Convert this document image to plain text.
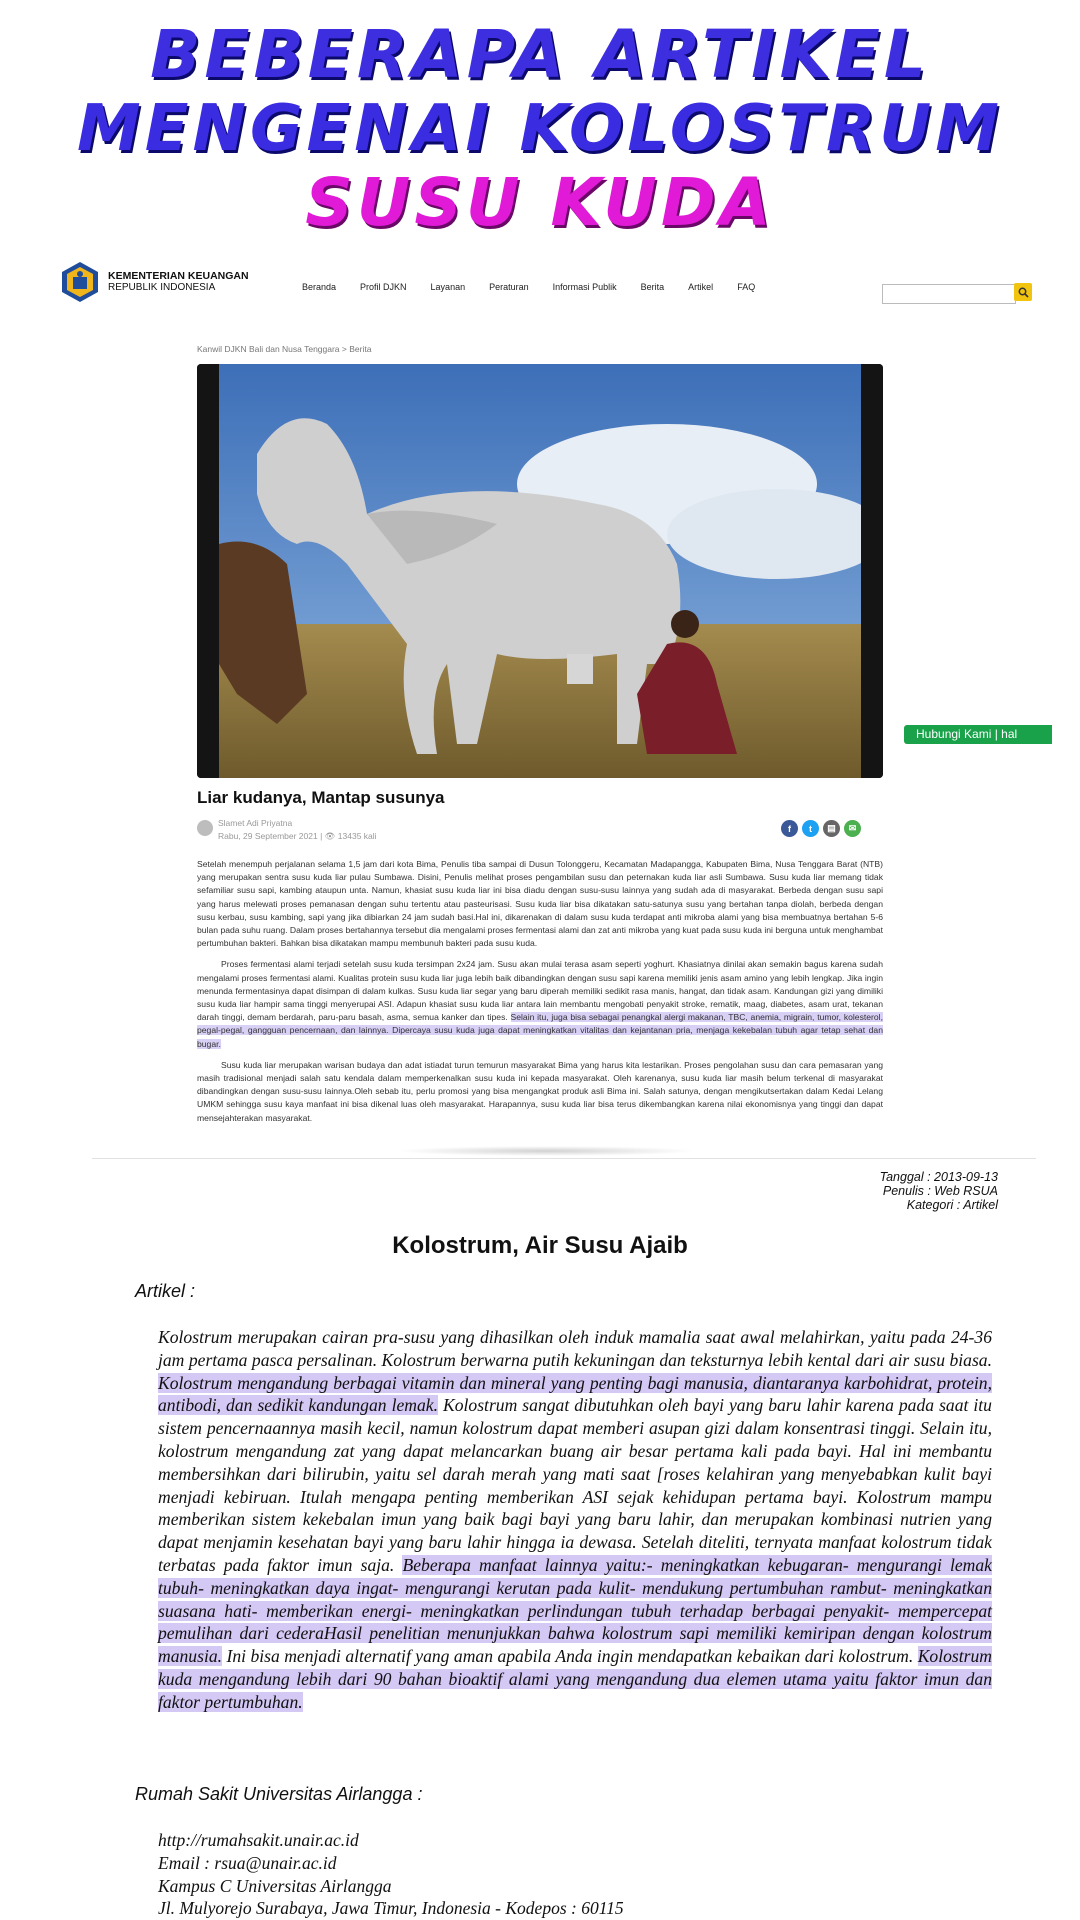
BEBERAPA ARTIKEL
MENGENAI KOLOSTRUM
SUSU KUDA
KEMENTERIAN KEUANGAN
REPUBLIK INDONESIA	Beranda	Profil DJKN	Layanan	Peraturan	Informasi Publik	Berita	Artikel	FAQ
Kanwil DJKN Bali dan Nusa Tenggara > Berita
Hubungi Kami | hal
Liar kudanya, Mantap susunya
Slamet Adi Priyatna
Rabu, 29 September 2021 | 👁 13435 kali
f	t	▤	✉

Setelah menempuh perjalanan selama 1,5 jam dari kota Bima, Penulis tiba sampai di Dusun Tolonggeru, Kecamatan Madapangga, Kabupaten Bima, Nusa Tenggara Barat (NTB) yang merupakan sentra susu kuda liar pulau Sumbawa. Disini, Penulis melihat proses pengambilan susu dan peternakan kuda liar asli Sumbawa. Susu kuda liar memang tidak sefamiliar susu sapi, kambing ataupun unta. Namun, khasiat susu kuda liar ini bisa diadu dengan susu-susu lainnya yang sudah ada di masyarakat. Berbeda dengan susu sapi yang harus melewati proses pemanasan dengan suhu tertentu atau pasteurisasi. Susu kuda liar bisa dikatakan satu-satunya susu yang bertahan tanpa diolah, berbeda dengan susu kerbau, susu kambing, sapi yang jika dibiarkan 24 jam sudah basi.Hal ini, dikarenakan di dalam susu kuda terdapat anti mikroba alami yang bisa membuatnya bertahan 5-6 bulan pada suhu ruang. Dalam proses bertahannya tersebut dia mengalami proses fermentasi alami dan zat anti mikroba yang kuat pada susu kuda ini berguna untuk menghambat pertumbuhan bakteri. Bahkan bisa dikatakan mampu membunuh bakteri pada susu kuda.

Proses fermentasi alami terjadi setelah susu kuda tersimpan 2x24 jam. Susu akan mulai terasa asam seperti yoghurt. Khasiatnya dinilai akan semakin bagus karena sudah mengalami proses fermentasi alami. Kualitas protein susu kuda liar juga lebih baik dibandingkan dengan susu sapi karena memiliki jenis asam amino yang lebih lengkap. Jika ingin menunda fermentasinya dapat disimpan di dalam kulkas. Susu kuda liar segar yang baru diperah memiliki sedikit rasa manis, hangat, dan tidak asam. Kandungan gizi yang dimiliki susu kuda liar hampir sama tinggi menyerupai ASI. Adapun khasiat susu kuda liar antara lain membantu mengobati penyakit stroke, rematik, maag, diabetes, asam urat, tekanan darah tinggi, demam berdarah, paru-paru basah, asma, semua kanker dan tipes. Selain itu, juga bisa sebagai penangkal alergi makanan, TBC, anemia, migrain, tumor, kolesterol, pegal-pegal, gangguan pencernaan, dan lainnya. Dipercaya susu kuda juga dapat meningkatkan vitalitas dan kejantanan pria, menjaga kekebalan tubuh agar tetap sehat dan bugar.

Susu kuda liar merupakan warisan budaya dan adat istiadat turun temurun masyarakat Bima yang harus kita lestarikan. Proses pengolahan susu dan cara pemasaran yang masih tradisional menjadi salah satu kendala dalam memperkenalkan susu kuda ini kepada masyarakat. Oleh karenanya, susu kuda liar masih belum terkenal di masyarakat dibandingkan dengan susu-susu lainnya.Oleh sebab itu, perlu promosi yang bisa mengangkat produk asli Bima ini. Salah satunya, dengan mengikutsertakan dalam Kedai Lelang UMKM sehingga susu kaya manfaat ini bisa dikenal luas oleh masyarakat. Harapannya, susu kuda liar bisa terus dikembangkan karena nilai ekonomisnya yang tinggi dan dapat mensejahterakan masyarakat.

Tanggal : 2013-09-13
Penulis : Web RSUA
Kategori : Artikel
Kolostrum, Air Susu Ajaib
Artikel :
Kolostrum merupakan cairan pra-susu yang dihasilkan oleh induk mamalia saat awal melahirkan, yaitu pada 24-36 jam pertama pasca persalinan. Kolostrum berwarna putih kekuningan dan teksturnya lebih kental dari air susu biasa. Kolostrum mengandung berbagai vitamin dan mineral yang penting bagi manusia, diantaranya karbohidrat, protein, antibodi, dan sedikit kandungan lemak. Kolostrum sangat dibutuhkan oleh bayi yang baru lahir karena pada saat itu sistem pencernaannya masih kecil, namun kolostrum dapat memberi asupan gizi dalam konsentrasi tinggi. Selain itu, kolostrum mengandung zat yang dapat melancarkan buang air besar pertama kali pada bayi. Hal ini membantu membersihkan dari bilirubin, yaitu sel darah merah yang mati saat [roses kelahiran yang menyebabkan kulit bayi menjadi kebiruan. Itulah mengapa penting memberikan ASI sejak kehidupan pertama bayi. Kolostrum mampu memberikan sistem kekebalan imun yang baik bagi bayi yang baru lahir, dan merupakan kombinasi nutrien yang dapat menjamin kesehatan bayi yang baru lahir hingga ia dewasa. Setelah diteliti, ternyata manfaat kolostrum tidak terbatas pada faktor imun saja. Beberapa manfaat lainnya yaitu:- meningkatkan kebugaran- mengurangi lemak tubuh- meningkatkan daya ingat- mengurangi kerutan pada kulit- mendukung pertumbuhan rambut- meningkatkan suasana hati- memberikan energi- meningkatkan perlindungan tubuh terhadap berbagai penyakit- mempercepat pemulihan dari cederaHasil penelitian menunjukkan bahwa kolostrum sapi memiliki kemiripan dengan kolostrum manusia. Ini bisa menjadi alternatif yang aman apabila Anda ingin mendapatkan kebaikan dari kolostrum. Kolostrum kuda mengandung lebih dari 90 bahan bioaktif alami yang mengandung dua elemen utama yaitu faktor imun dan faktor pertumbuhan.
Rumah Sakit Universitas Airlangga :
http://rumahsakit.unair.ac.id
Email : rsua@unair.ac.id
Kampus C Universitas Airlangga
Jl. Mulyorejo Surabaya, Jawa Timur, Indonesia - Kodepos : 60115
